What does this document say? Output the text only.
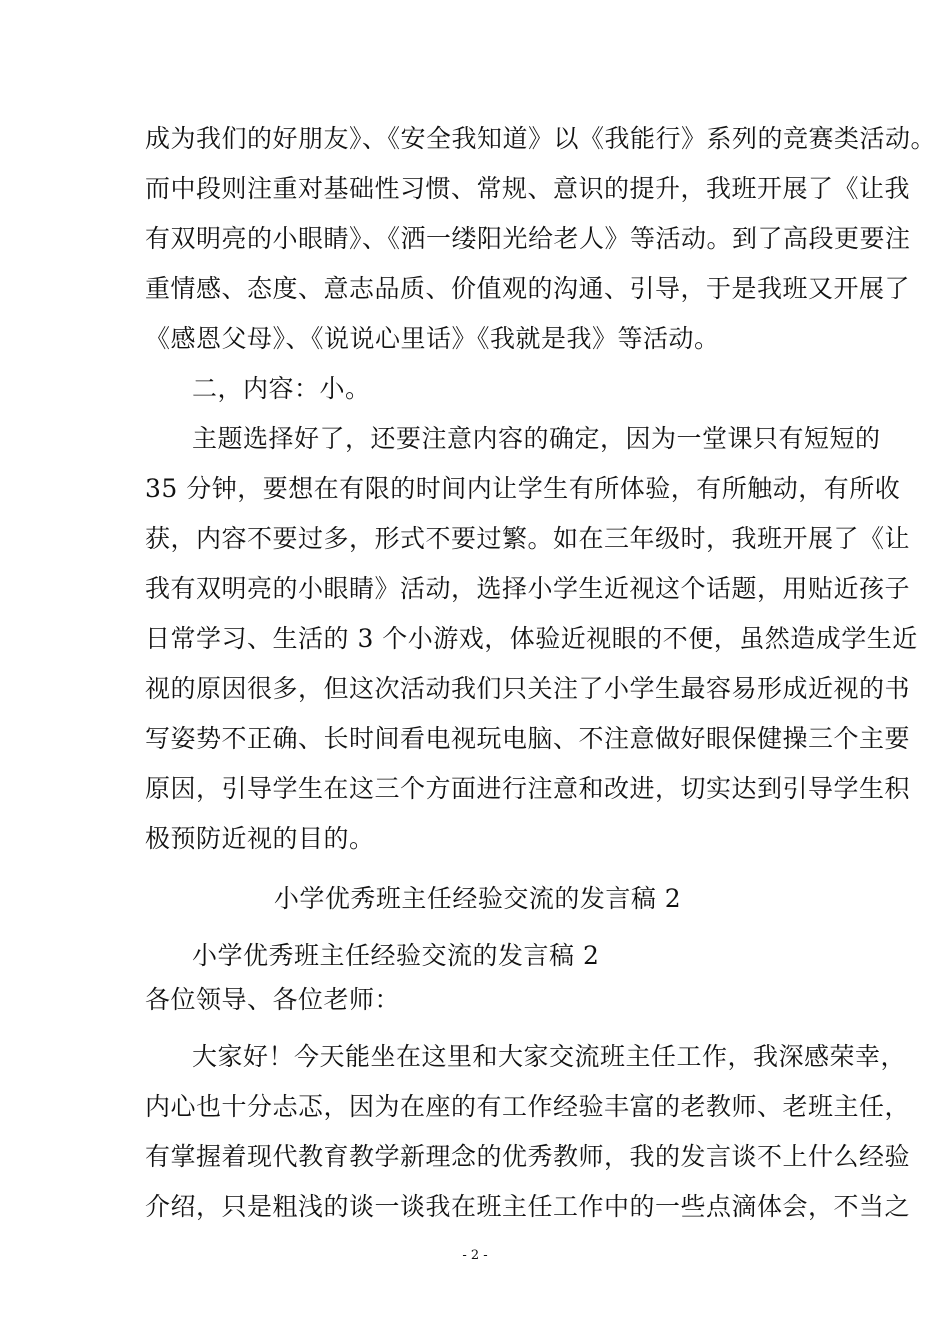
成为我们的好朋友》、《安全我知道》以《我能行》系列的竞赛类活动。
而中段则注重对基础性习惯、常规、意识的提升，我班开展了《让我
有双明亮的小眼睛》、《洒一缕阳光给老人》等活动。到了高段更要注
重情感、态度、意志品质、价值观的沟通、引导，于是我班又开展了
《感恩父母》、《说说心里话》《我就是我》等活动。
二，内容：小。
主题选择好了，还要注意内容的确定，因为一堂课只有短短的
35 分钟，要想在有限的时间内让学生有所体验，有所触动，有所收
获，内容不要过多，形式不要过繁。如在三年级时，我班开展了《让
我有双明亮的小眼睛》活动，选择小学生近视这个话题，用贴近孩子
日常学习、生活的 3 个小游戏，体验近视眼的不便，虽然造成学生近
视的原因很多，但这次活动我们只关注了小学生最容易形成近视的书
写姿势不正确、长时间看电视玩电脑、不注意做好眼保健操三个主要
原因，引导学生在这三个方面进行注意和改进，切实达到引导学生积
极预防近视的目的。
小学优秀班主任经验交流的发言稿 2
小学优秀班主任经验交流的发言稿 2
各位领导、各位老师：
大家好！今天能坐在这里和大家交流班主任工作，我深感荣幸，
内心也十分忐忑，因为在座的有工作经验丰富的老教师、老班主任，
有掌握着现代教育教学新理念的优秀教师，我的发言谈不上什么经验
介绍，只是粗浅的谈一谈我在班主任工作中的一些点滴体会，不当之
- 2 -
